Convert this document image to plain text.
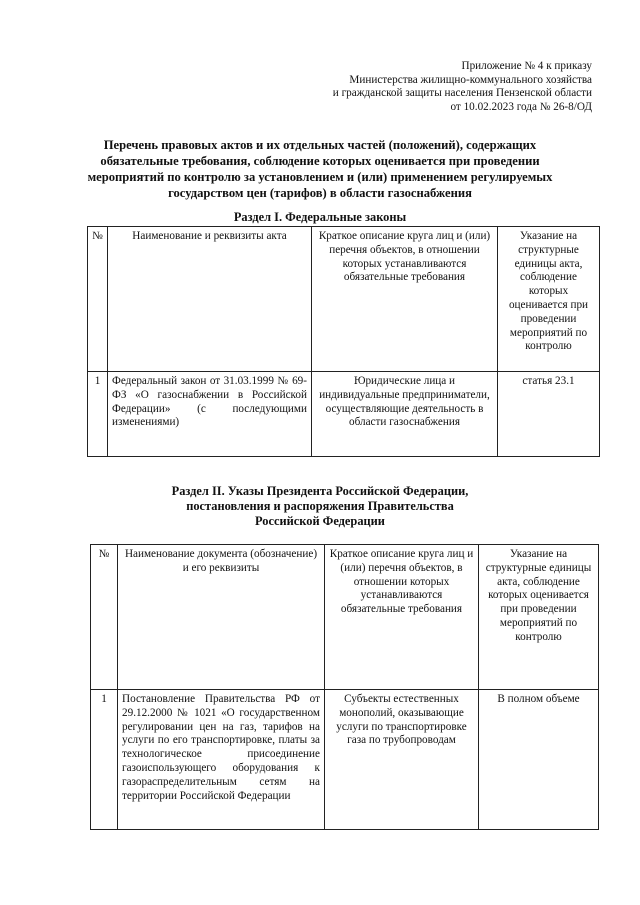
Приложение № 4 к приказу
Министерства жилищно-коммунального хозяйства
и гражданской защиты населения Пензенской области
от 10.02.2023 года № 26-8/ОД
Перечень правовых актов и их отдельных частей (положений), содержащих
обязательные требования, соблюдение которых оценивается при проведении
мероприятий по контролю за установлением и (или) применением регулируемых
государством цен (тарифов) в области газоснабжения
Раздел I. Федеральные законы
№	Наименование и реквизиты акта	Краткое описание круга лиц и (или) перечня объектов, в отношении которых устанавливаются обязательные требования	Указание на структурные единицы акта, соблюдение которых оценивается при проведении мероприятий по контролю
1	Федеральный закон от 31.03.1999 № 69-ФЗ «О газоснабжении в Российской Федерации» (с последующими изменениями)	Юридические лица и индивидуальные предприниматели, осуществляющие деятельность в области газоснабжения	статья 23.1
Раздел II. Указы Президента Российской Федерации,
постановления и распоряжения Правительства
Российской Федерации
№	Наименование документа (обозначение) и его реквизиты	Краткое описание круга лиц и (или) перечня объектов, в отношении которых устанавливаются обязательные требования	Указание на структурные единицы акта, соблюдение которых оценивается при проведении мероприятий по контролю
1	Постановление Правительства РФ от 29.12.2000 № 1021 «О государственном регулировании цен на газ, тарифов на услуги по его транспортировке, платы за технологическое присоединение газоиспользующего оборудования к газораспределительным сетям на территории Российской Федерации	Субъекты естественных монополий, оказывающие услуги по транспортировке газа по трубопроводам	В полном объеме
